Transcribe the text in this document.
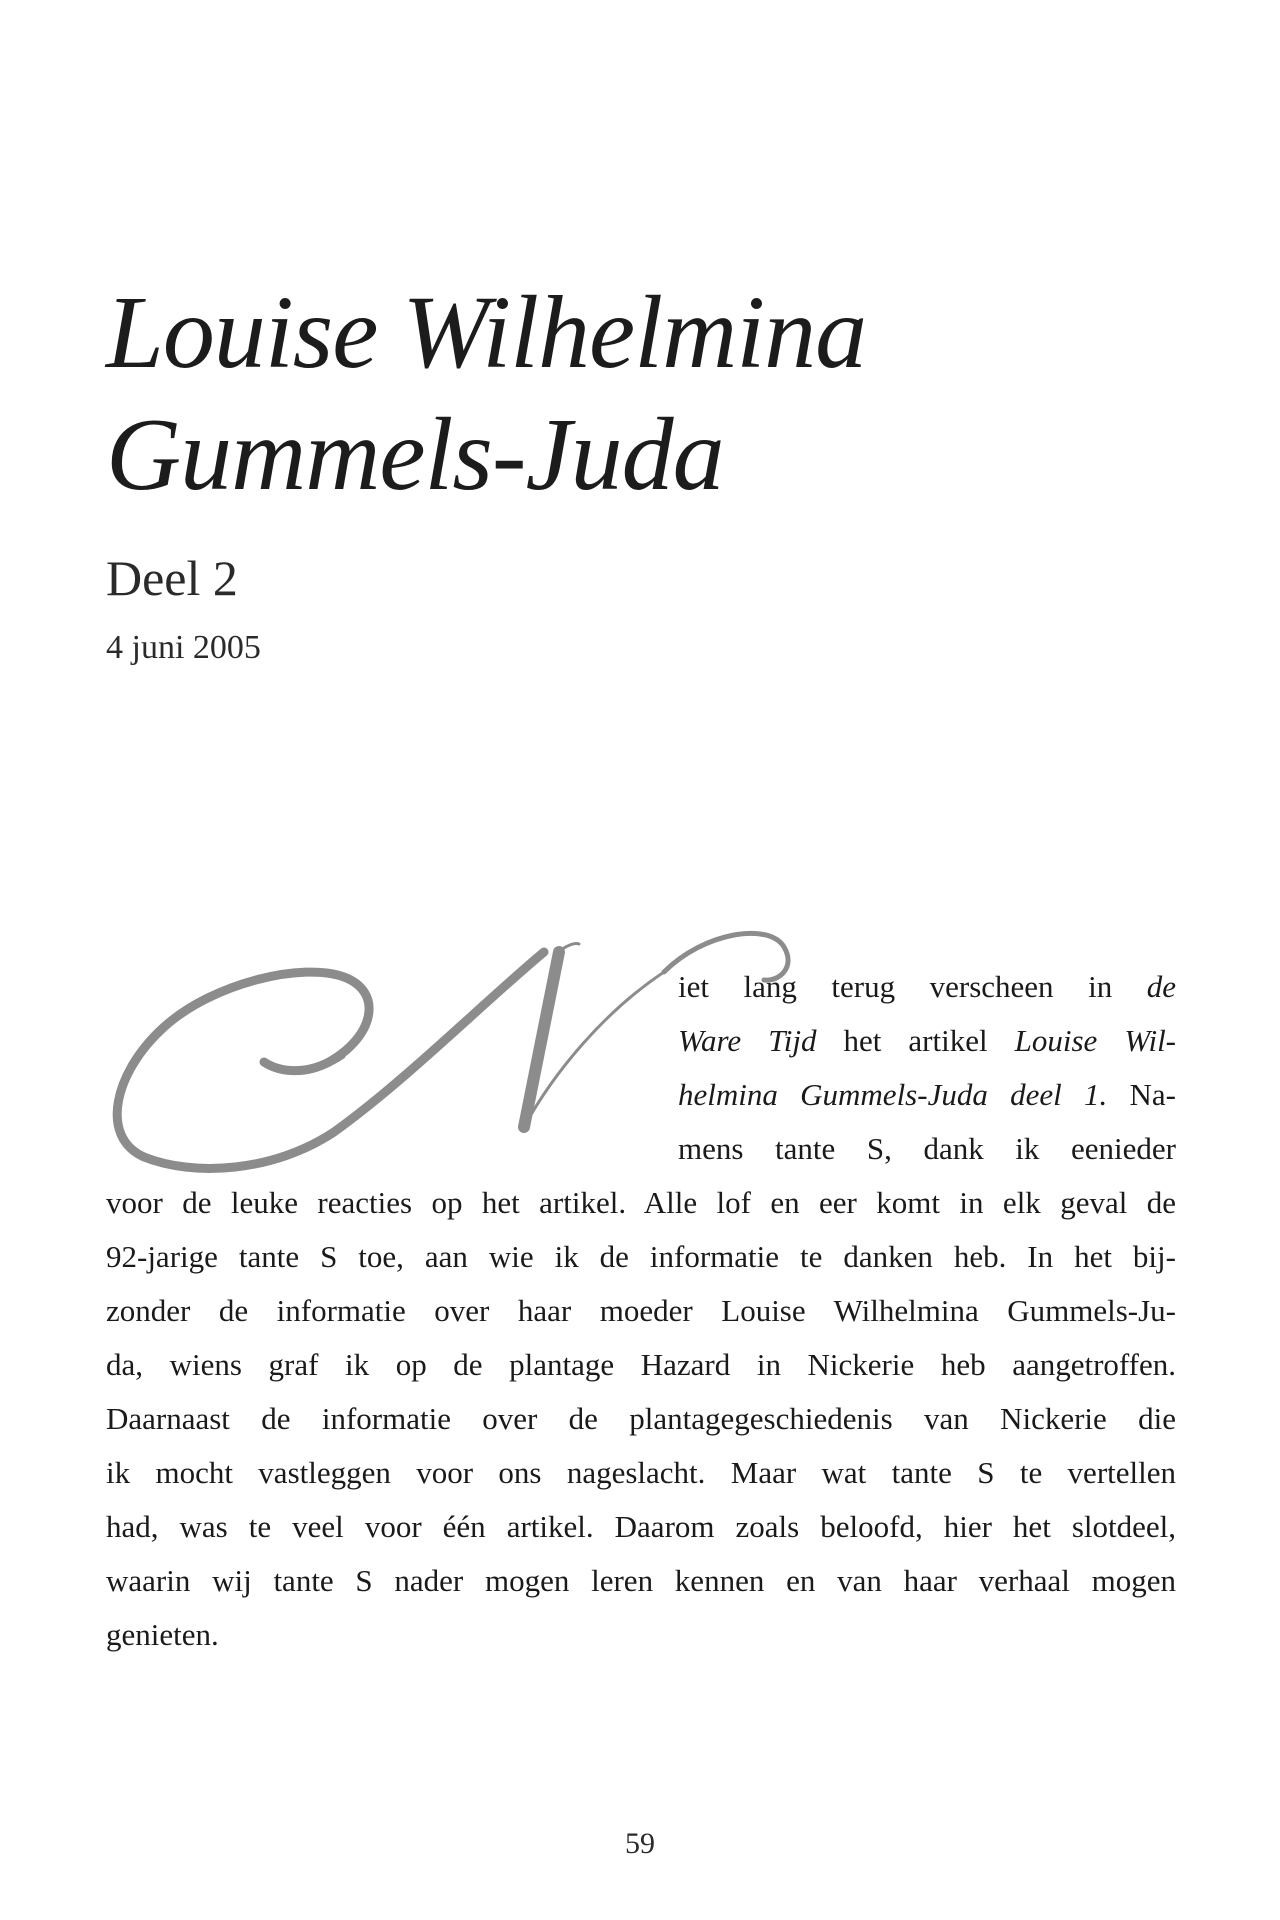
Louise Wilhelmina
Gummels-Juda
Deel 2

4 juni 2005

iet lang terug verscheen in de
Ware Tijd het artikel Louise Wil-
helmina Gummels-Juda deel 1. Na-
mens tante S, dank ik eenieder
voor de leuke reacties op het artikel. Alle lof en eer komt in elk geval de
92-jarige tante S toe, aan wie ik de informatie te danken heb. In het bij-
zonder de informatie over haar moeder Louise Wilhelmina Gummels-Ju-
da, wiens graf ik op de plantage Hazard in Nickerie heb aangetroffen.
Daarnaast de informatie over de plantagegeschiedenis van Nickerie die
ik mocht vastleggen voor ons nageslacht. Maar wat tante S te vertellen
had, was te veel voor één artikel. Daarom zoals beloofd, hier het slotdeel,
waarin wij tante S nader mogen leren kennen en van haar verhaal mogen
genieten.
59
